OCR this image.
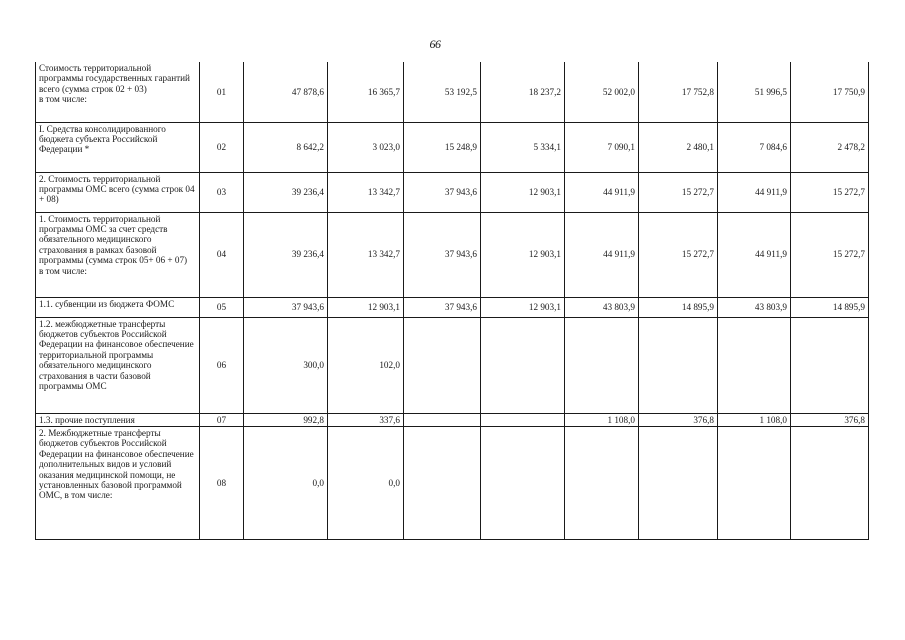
66
Стоимость территориальной программы государственных гарантий всего (сумма строк 02 + 03)
в том числе:	01	47 878,6	16 365,7	53 192,5	18 237,2	52 002,0	17 752,8	51 996,5	17 750,9
I. Средства консолидированного бюджета субъекта Российской Федерации *	02	8 642,2	3 023,0	15 248,9	5 334,1	7 090,1	2 480,1	7 084,6	2 478,2
2. Стоимость территориальной программы ОМС всего (сумма строк 04 + 08)	03	39 236,4	13 342,7	37 943,6	12 903,1	44 911,9	15 272,7	44 911,9	15 272,7
1. Стоимость территориальной программы ОМС за счет средств обязательного медицинского страхования в рамках базовой программы (сумма строк 05+ 06 + 07)
в том числе:	04	39 236,4	13 342,7	37 943,6	12 903,1	44 911,9	15 272,7	44 911,9	15 272,7
1.1. субвенции из бюджета ФОМС	05	37 943,6	12 903,1	37 943,6	12 903,1	43 803,9	14 895,9	43 803,9	14 895,9
1.2. межбюджетные трансферты бюджетов субъектов Российской Федерации на финансовое обеспечение территориальной программы обязательного медицинского страхования в части базовой программы ОМС	06	300,0	102,0						
1.3. прочие поступления	07	992,8	337,6			1 108,0	376,8	1 108,0	376,8
2. Межбюджетные трансферты бюджетов субъектов Российской Федерации на финансовое обеспечение дополнительных видов и условий оказания медицинской помощи, не установленных базовой программой ОМС, в том числе:	08	0,0	0,0						
